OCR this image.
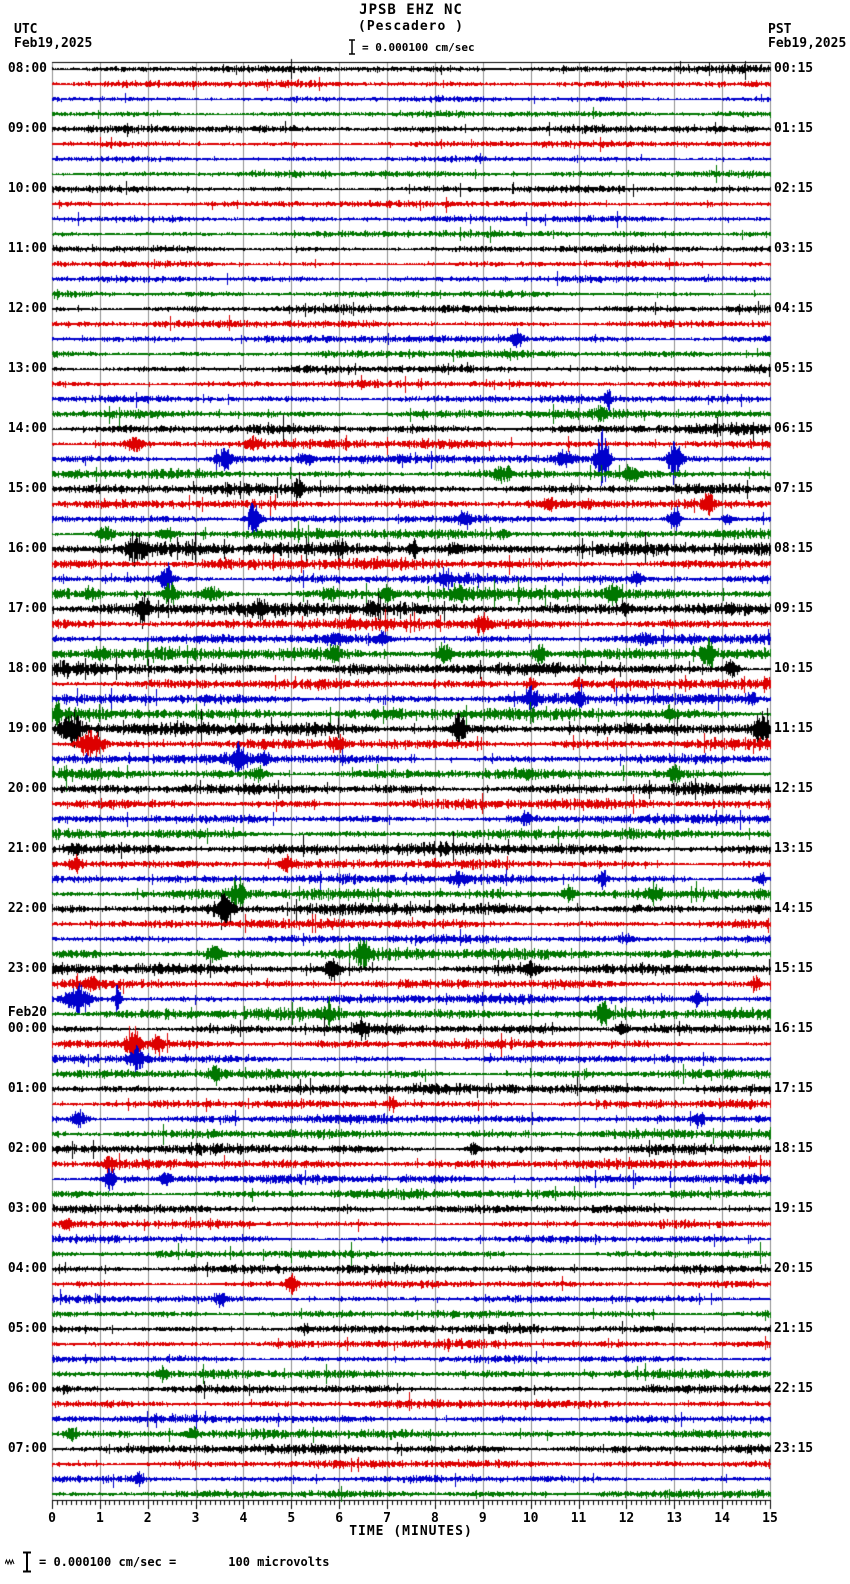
JPSB EHZ NC
(Pescadero )
= 0.000100 cm/sec
UTC
Feb19,2025
PST
Feb19,2025
08:00
09:00
10:00
11:00
12:00
13:00
14:00
15:00
16:00
17:00
18:00
19:00
20:00
21:00
22:00
23:00
Feb20
00:00
01:00
02:00
03:00
04:00
05:00
06:00
07:00
00:15
01:15
02:15
03:15
04:15
05:15
06:15
07:15
08:15
09:15
10:15
11:15
12:15
13:15
14:15
15:15
16:15
17:15
18:15
19:15
20:15
21:15
22:15
23:15
0	1	2	3	4	5	6	7	8	9	10 11 12 13 14 15
TIME (MINUTES)
= 0.000100 cm/sec =	100 microvolts
